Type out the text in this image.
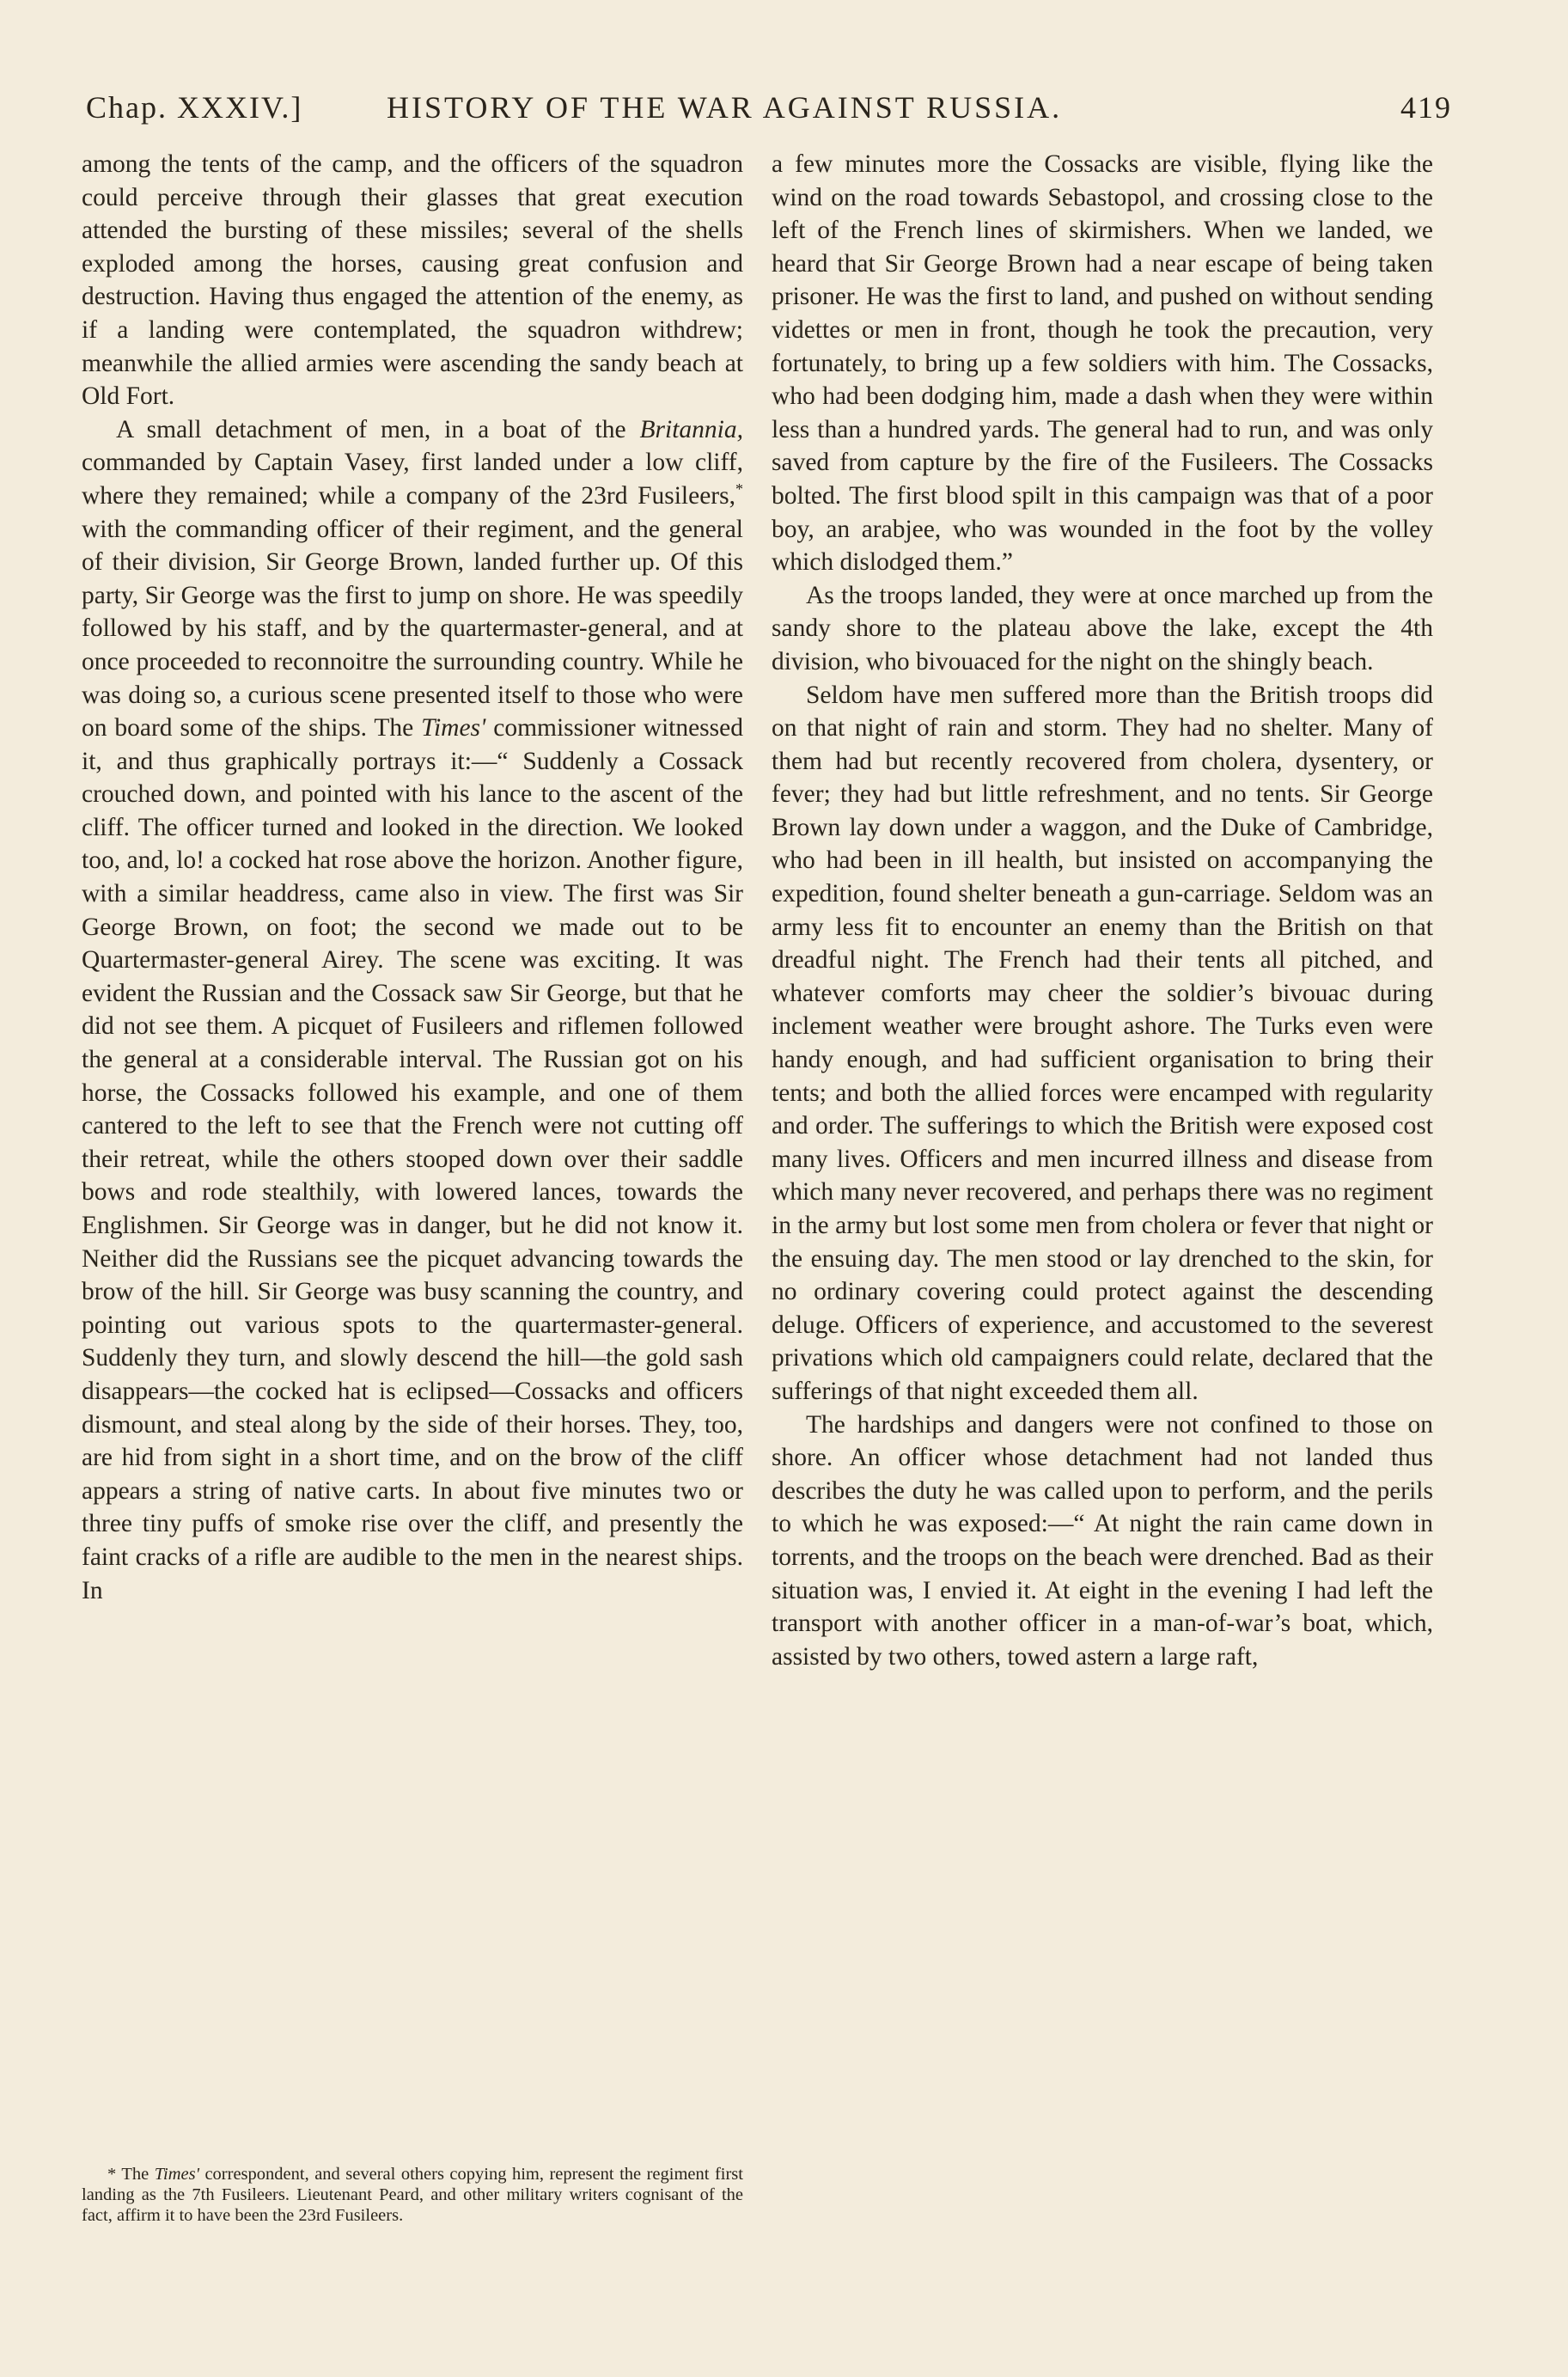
Chap. XXXIV.]	HISTORY OF THE WAR AGAINST RUSSIA.	419

among the tents of the camp, and the officers of the squadron could perceive through their glasses that great execution attended the bursting of these missiles; several of the shells exploded among the horses, causing great confusion and destruction. Having thus engaged the attention of the enemy, as if a landing were contemplated, the squadron withdrew; meanwhile the allied armies were ascending the sandy beach at Old Fort.

A small detachment of men, in a boat of the Britannia, commanded by Captain Vasey, first landed under a low cliff, where they remained; while a company of the 23rd Fusileers,* with the commanding officer of their regiment, and the general of their division, Sir George Brown, landed further up. Of this party, Sir George was the first to jump on shore. He was speedily followed by his staff, and by the quartermaster-general, and at once proceeded to reconnoitre the surrounding country. While he was doing so, a curious scene presented itself to those who were on board some of the ships. The Times' commissioner witnessed it, and thus graphically portrays it:—“ Suddenly a Cossack crouched down, and pointed with his lance to the ascent of the cliff. The officer turned and looked in the direction. We looked too, and, lo! a cocked hat rose above the horizon. Another figure, with a similar headdress, came also in view. The first was Sir George Brown, on foot; the second we made out to be Quartermaster-general Airey. The scene was exciting. It was evident the Russian and the Cossack saw Sir George, but that he did not see them. A picquet of Fusileers and riflemen followed the general at a considerable interval. The Russian got on his horse, the Cossacks followed his example, and one of them cantered to the left to see that the French were not cutting off their retreat, while the others stooped down over their saddle bows and rode stealthily, with lowered lances, towards the Englishmen. Sir George was in danger, but he did not know it. Neither did the Russians see the picquet advancing towards the brow of the hill. Sir George was busy scanning the country, and pointing out various spots to the quartermaster-general. Suddenly they turn, and slowly descend the hill—the gold sash disappears—the cocked hat is eclipsed—Cossacks and officers dismount, and steal along by the side of their horses. They, too, are hid from sight in a short time, and on the brow of the cliff appears a string of native carts. In about five minutes two or three tiny puffs of smoke rise over the cliff, and presently the faint cracks of a rifle are audible to the men in the nearest ships. In

a few minutes more the Cossacks are visible, flying like the wind on the road towards Sebastopol, and crossing close to the left of the French lines of skirmishers. When we landed, we heard that Sir George Brown had a near escape of being taken prisoner. He was the first to land, and pushed on without sending videttes or men in front, though he took the precaution, very fortunately, to bring up a few soldiers with him. The Cossacks, who had been dodging him, made a dash when they were within less than a hundred yards. The general had to run, and was only saved from capture by the fire of the Fusileers. The Cossacks bolted. The first blood spilt in this campaign was that of a poor boy, an arabjee, who was wounded in the foot by the volley which dislodged them.”

As the troops landed, they were at once marched up from the sandy shore to the plateau above the lake, except the 4th division, who bivouaced for the night on the shingly beach.

Seldom have men suffered more than the British troops did on that night of rain and storm. They had no shelter. Many of them had but recently recovered from cholera, dysentery, or fever; they had but little refreshment, and no tents. Sir George Brown lay down under a waggon, and the Duke of Cambridge, who had been in ill health, but insisted on accompanying the expedition, found shelter beneath a gun-carriage. Seldom was an army less fit to encounter an enemy than the British on that dreadful night. The French had their tents all pitched, and whatever comforts may cheer the soldier’s bivouac during inclement weather were brought ashore. The Turks even were handy enough, and had sufficient organisation to bring their tents; and both the allied forces were encamped with regularity and order. The sufferings to which the British were exposed cost many lives. Officers and men incurred illness and disease from which many never recovered, and perhaps there was no regiment in the army but lost some men from cholera or fever that night or the ensuing day. The men stood or lay drenched to the skin, for no ordinary covering could protect against the descending deluge. Officers of experience, and accustomed to the severest privations which old campaigners could relate, declared that the sufferings of that night exceeded them all.

The hardships and dangers were not confined to those on shore. An officer whose detachment had not landed thus describes the duty he was called upon to perform, and the perils to which he was exposed:—“ At night the rain came down in torrents, and the troops on the beach were drenched. Bad as their situation was, I envied it. At eight in the evening I had left the transport with another officer in a man-of-war’s boat, which, assisted by two others, towed astern a large raft,

* The Times' correspondent, and several others copying him, represent the regiment first landing as the 7th Fusileers. Lieutenant Peard, and other military writers cognisant of the fact, affirm it to have been the 23rd Fusileers.
